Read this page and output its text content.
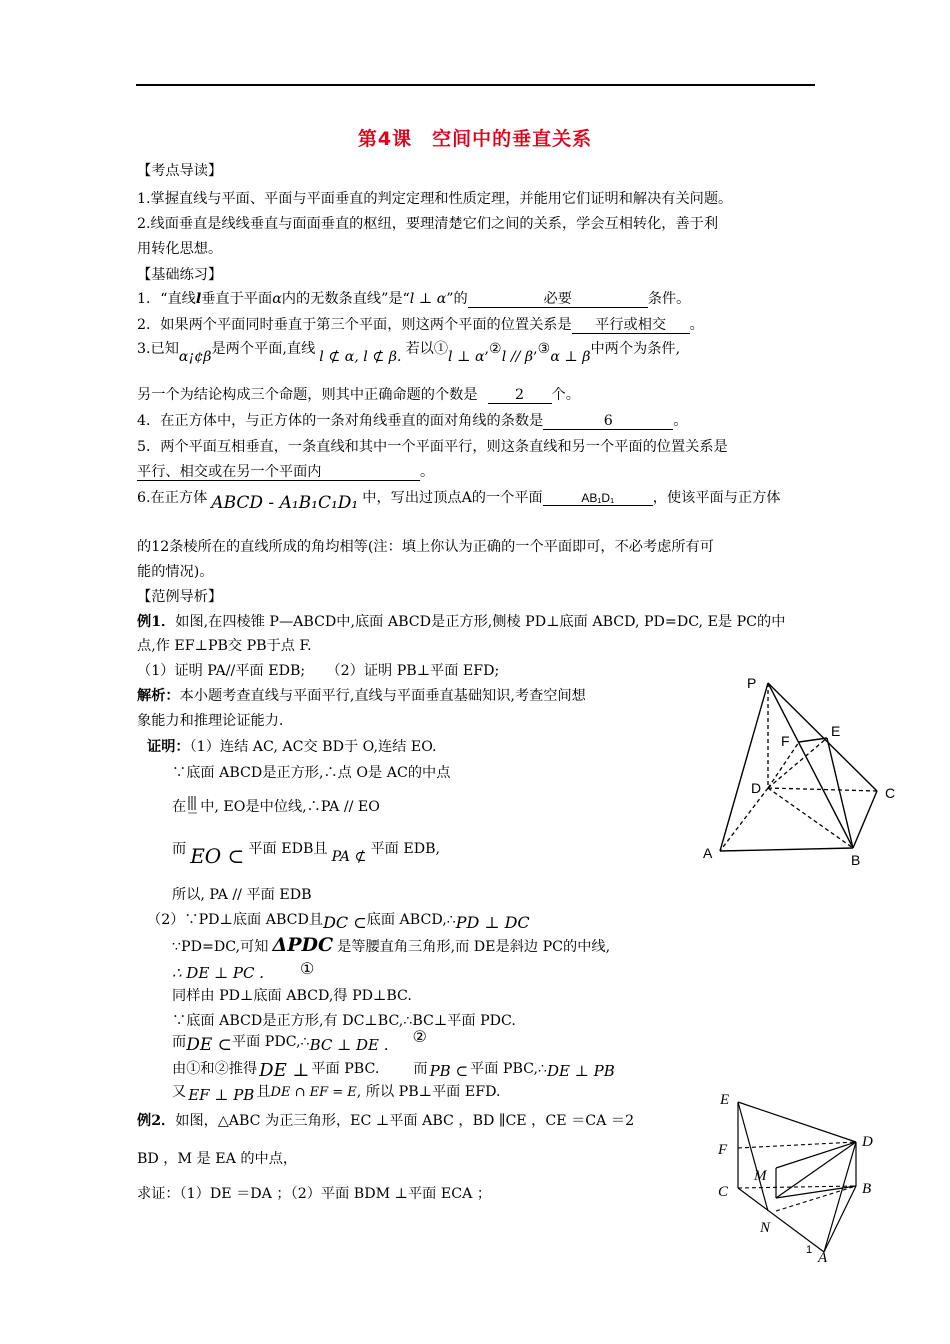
第4课　空间中的垂直关系
【考点导读】
1.掌握直线与平面、平面与平面垂直的判定定理和性质定理，并能用它们证明和解决有关问题。
2.线面垂直是线线垂直与面面垂直的枢纽，要理清楚它们之间的关系，学会互相转化，善于利
用转化思想。
【基础练习】
1．“直线l垂直于平面α内的无数条直线”是“l ⊥ α”的	必要	条件。
2．如果两个平面同时垂直于第三个平面，则这两个平面的位置关系是 平行或相交 。
3.已知α¡¢β是两个平面,直线 l ⊄ α, l ⊄ β. 若以①l ⊥ α,②l // β,③α ⊥ β中两个为条件,
另一个为结论构成三个命题，则其中正确命题的个数是	2 个。
4．在正方体中，与正方体的一条对角线垂直的面对角线的条数是	6	。
5．两个平面互相垂直，一条直线和其中一个平面平行，则这条直线和另一个平面的位置关系是
平行、相交或在另一个平面内	。
6.在正方体 ABCD - A₁B₁C₁D₁ 中，写出过顶点A的一个平面	AB₁D₁	，使该平面与正方体
的12条棱所在的直线所成的角均相等(注：填上你认为正确的一个平面即可，不必考虑所有可
能的情况)。
【范例导析】
例1．如图,在四棱锥 P—ABCD中,底面 ABCD是正方形,侧棱 PD⊥底面 ABCD, PD=DC, E是 PC的中
点,作 EF⊥PB交 PB于点 F.
（1）证明 PA//平面 EDB;　　（2）证明 PB⊥平面 EFD;
解析：本小题考查直线与平面平行,直线与平面垂直基础知识,考查空间想
象能力和推理论证能力.
证明：（1）连结 AC, AC交 BD于 O,连结 EO.
∵底面 ABCD是正方形,∴点 O是 AC的中点
在 中, EO是中位线,∴PA // EO
而 EO ⊂ 平面 EDB且 PA ⊄ 平面 EDB,
所以, PA // 平面 EDB
（2）∵PD⊥底面 ABCD且DC ⊂底面 ABCD,∴PD ⊥ DC
∵PD=DC,可知 ΔPDC 是等腰直角三角形,而 DE是斜边 PC的中线,
∴ DE ⊥ PC . ①
同样由 PD⊥底面 ABCD,得 PD⊥BC.
∵底面 ABCD是正方形,有 DC⊥BC,∴BC⊥平面 PDC.
而DE ⊂平面 PDC,∴BC ⊥ DE . ②
由①和②推得 DE ⊥ 平面 PBC. 而 PB ⊂ 平面 PBC,∴DE ⊥ PB
又 EF ⊥ PB 且DE ∩ EF = E, 所以 PB⊥平面 EFD.
例2．如图，△ABC 为正三角形，EC ⊥平面 ABC ，BD ∥CE ，CE ＝CA ＝2
BD ，M 是 EA 的中点，
求证：（1）DE ＝DA ；（2）平面 BDM ⊥平面 ECA ；
P
E
F
D	C
A	B
E
F	D
M
C	B
N
A
1
